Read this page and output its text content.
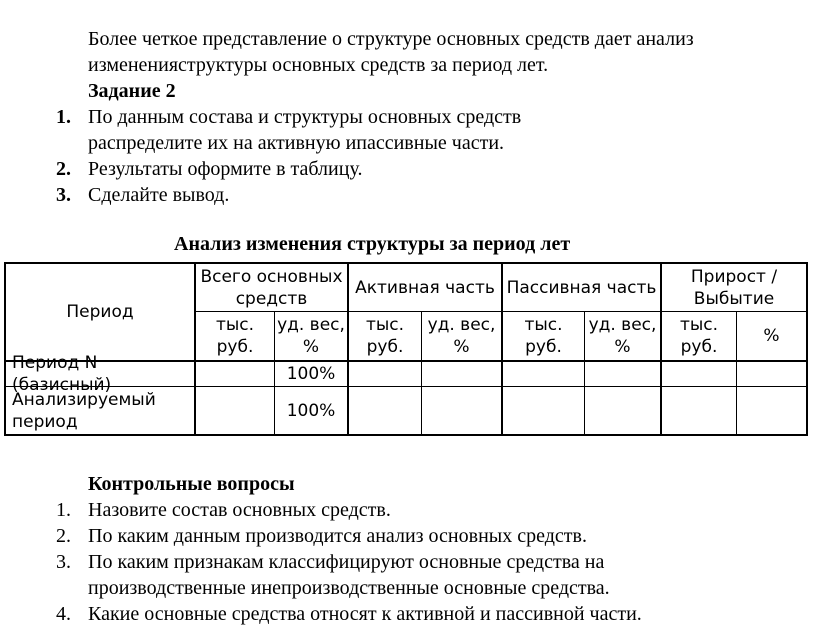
Более четкое представление о структуре основных средств дает анализ
измененияструктуры основных средств за период лет.
Задание 2
1. По данным состава и структуры основных средств
распределите их на активную ипассивные части.
2. Результаты оформите в таблицу.
3. Сделайте вывод.
Анализ изменения структуры за период лет
Период
Всего основных
средств
Активная часть Пассивная часть
Прирост /
Выбытие
тыс.
руб.
уд. вес,
%
тыс.
руб.
уд. вес,
%
тыс.
руб.
уд. вес,
%
тыс.
руб.
%
Период N (базисный)
100%
Анализируемый
период
100%
Контрольные вопросы
1. Назовите состав основных средств.
2. По каким данным производится анализ основных средств.
3. По каким признакам классифицируют основные средства на
производственные инепроизводственные основные средства.
4. Какие основные средства относят к активной и пассивной части.
